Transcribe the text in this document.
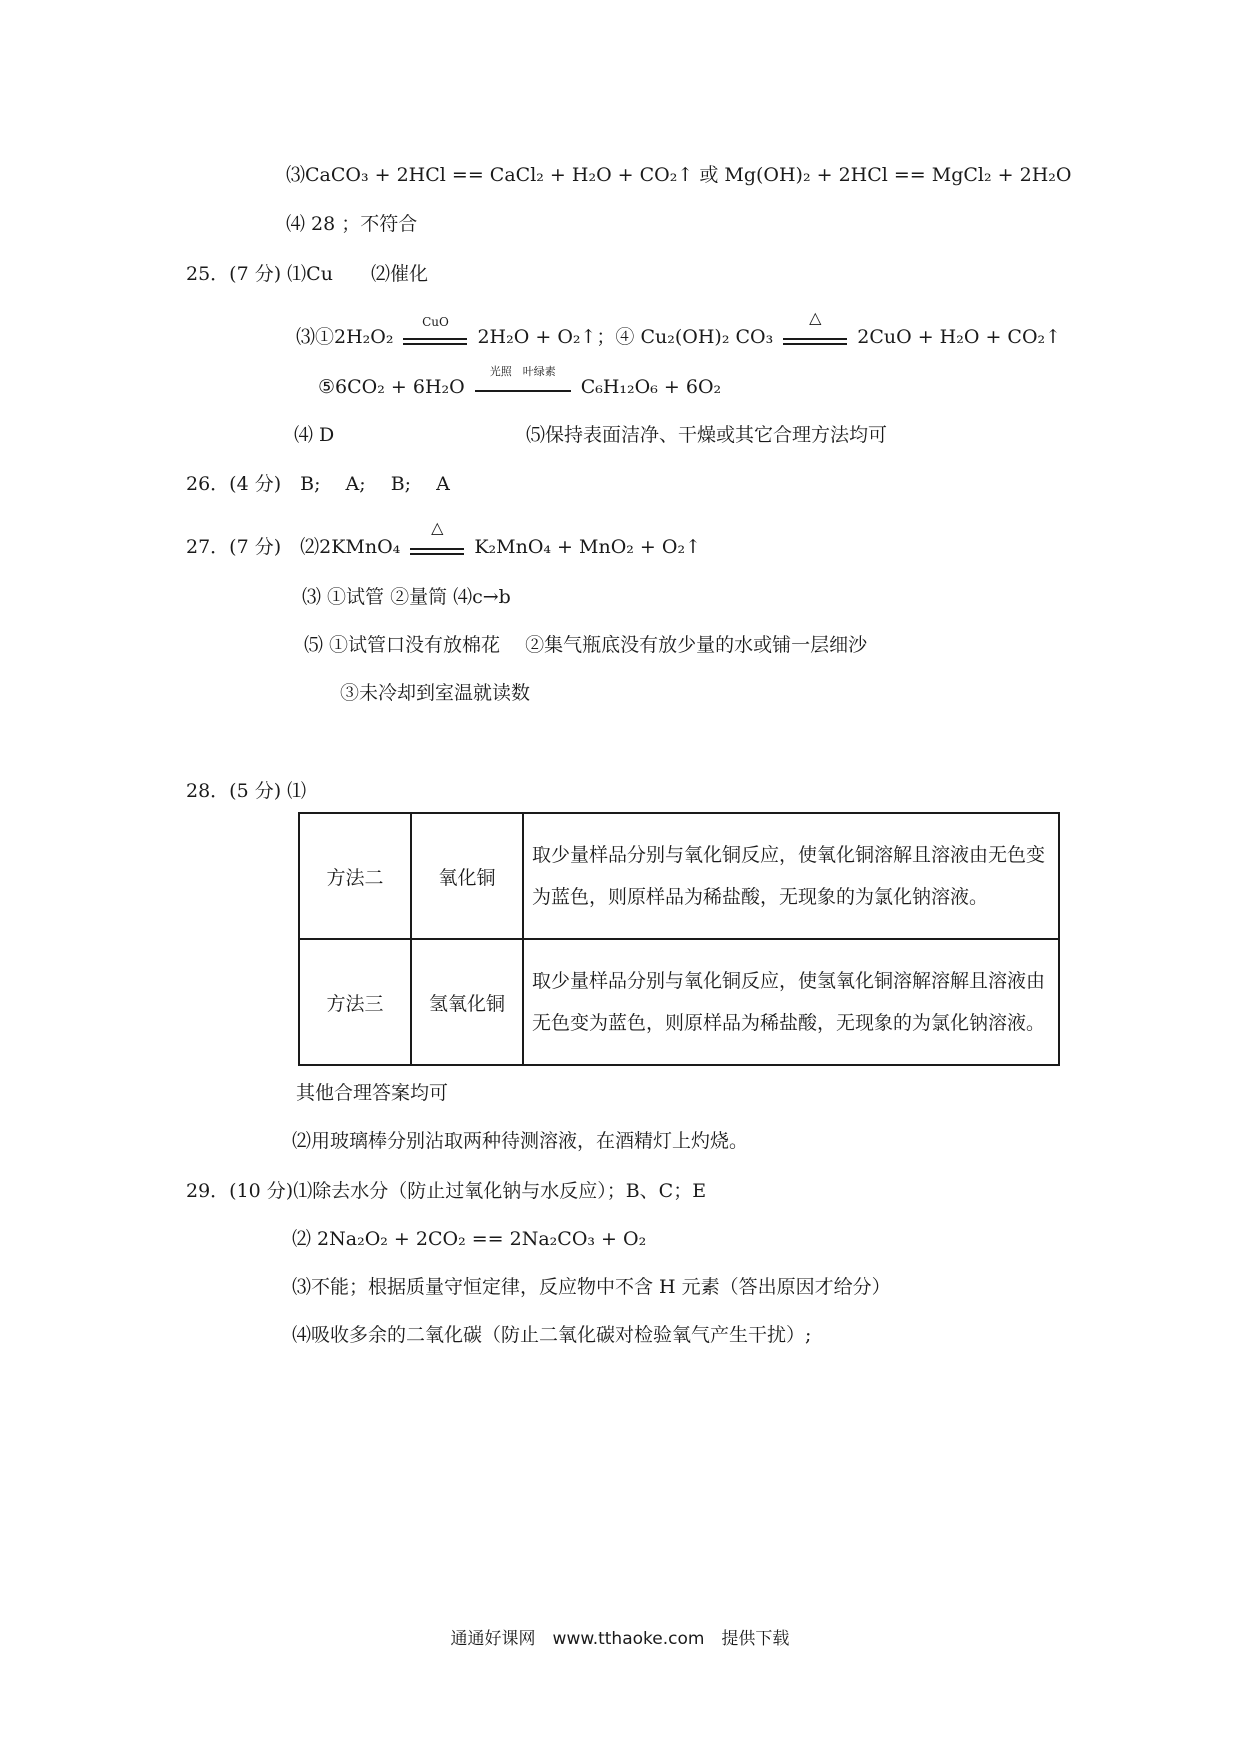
⑶CaCO₃ + 2HCl == CaCl₂ + H₂O + CO₂↑ 或 Mg(OH)₂ + 2HCl == MgCl₂ + 2H₂O
⑷ 28 ；不符合
25．(7 分) ⑴Cu　　⑵催化
⑶①2H₂O₂
CuO
2H₂O + O₂↑；④ Cu₂(OH)₂ CO₃
△
2CuO + H₂O + CO₂↑
⑤6CO₂ + 6H₂O
光照　叶绿素
C₆H₁₂O₆ + 6O₂
⑷ D	⑸保持表面洁净、干燥或其它合理方法均可
26．(4 分)　B;　 A;　 B;　 A
27．(7 分)　⑵2KMnO₄
△
K₂MnO₄ + MnO₂ + O₂↑
⑶ ①试管 ②量筒 ⑷c→b
⑸ ①试管口没有放棉花　 ②集气瓶底没有放少量的水或铺一层细沙
③未冷却到室温就读数
28．(5 分) ⑴
方法二	氧化铜	取少量样品分别与氧化铜反应，使氧化铜溶解且溶液由无色变为蓝色，则原样品为稀盐酸，无现象的为氯化钠溶液。
方法三	氢氧化铜	取少量样品分别与氧化铜反应，使氢氧化铜溶解溶解且溶液由无色变为蓝色，则原样品为稀盐酸，无现象的为氯化钠溶液。
其他合理答案均可
⑵用玻璃棒分别沾取两种待测溶液，在酒精灯上灼烧。
29．(10 分)⑴除去水分（防止过氧化钠与水反应）；B、C；E
⑵ 2Na₂O₂ + 2CO₂ == 2Na₂CO₃ + O₂
⑶不能；根据质量守恒定律，反应物中不含 H 元素（答出原因才给分）
⑷吸收多余的二氧化碳（防止二氧化碳对检验氧气产生干扰）;
通通好课网　www.tthaoke.com　提供下载
